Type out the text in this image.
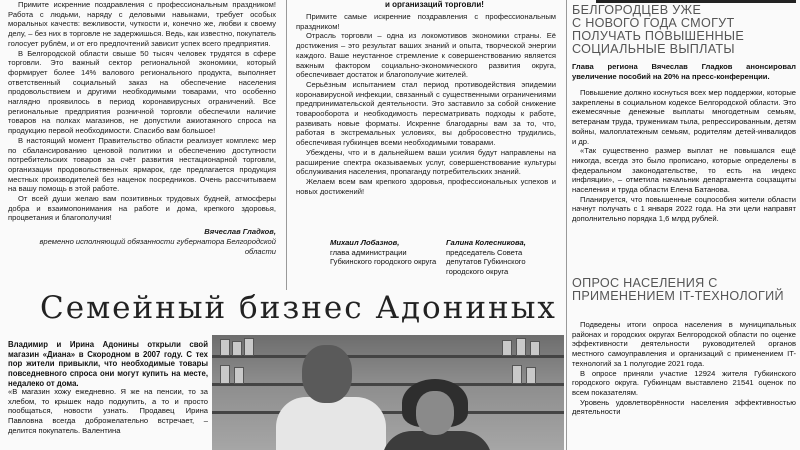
Примите искренние поздравления с профессиональным праздником! Работа с людьми, наряду с деловыми навыками, требует особых моральных качеств: вежливости, чуткости и, конечно же, любви к своему делу, – без них в торговле не задержишься. Ведь, как известно, покупатель голосует рублём, и от его предпочтений зависит успех всего предприятия.

В Белгородской области свыше 50 тысяч человек трудятся в сфере торговли. Это важный сектор региональной экономики, который формирует более 14% валового регионального продукта, выполняет ответственный социальный заказ на обеспечение населения продовольствием и другими необходимыми товарами, что особенно наглядно проявилось в период коронавирусных ограничений. Все региональные предприятия розничной торговли обеспечили наличие товаров на полках магазинов, не допустили ажиотажного спроса на продукцию первой необходимости. Спасибо вам большое!

В настоящий момент Правительство области реализует комплекс мер по сбалансированию ценовой политики и обеспечению доступности потребительских товаров за счёт развития нестационарной торговли, организации продовольственных ярмарок, где предлагается продукция местных производителей без наценок посредников. Очень рассчитываем на вашу помощь в этой работе.

От всей души желаю вам позитивных трудовых будней, атмосферы добра и взаимопонимания на работе и дома, крепкого здоровья, процветания и благополучия!

Вячеслав Гладков,

временно исполняющий обязанности губернатора Белгородской области

и организаций торговли!

Примите самые искренние поздравления с профессиональным праздником!

Отрасль торговли – одна из локомотивов экономики страны. Её достижения – это результат ваших знаний и опыта, творческой энергии каждого. Ваше неустанное стремление к совершенствованию является важным фактором социально-экономического развития округа, обеспечивает достаток и благополучие жителей.

Серьёзным испытанием стал период противодействия эпидемии коронавирусной инфекции, связанный с существенными ограничениями предпринимательской деятельности. Это заставило за собой снижение товарооборота и необходимость пересматривать подходы к работе, развивать новые форматы. Искренне благодарны вам за то, что, работая в экстремальных условиях, вы добросовестно трудились, обеспечивая губкинцев всеми необходимыми товарами.

Убеждены, что и в дальнейшем ваши усилия будут направлены на расширение спектра оказываемых услуг, совершенствование культуры обслуживания населения, пропаганду потребительских знаний.

Желаем всем вам крепкого здоровья, профессиональных успехов и новых достижений!

Михаил Лобазнов,
глава администрации Губкинского городского округа
Галина Колесникова,
председатель Совета депутатов Губкинского городского округа
Семейный бизнес Адониных
Владимир и Ирина Адонины открыли свой магазин «Диана» в Скородном в 2007 году. С тех пор жители привыкли, что необходимые товары повседневного спроса они могут купить на месте, недалеко от дома.
«В магазин хожу ежедневно. Я же на пенсии, то за хлебом, то крышек надо подкупить, а то и просто пообщаться, новости узнать. Продавец Ирина Павловна всегда доброжелательно встречает, – делится покупатель. Валентина
БЕЛГОРОДЦЕВ УЖЕ
С НОВОГО ГОДА СМОГУТ ПОЛУЧАТЬ ПОВЫШЕННЫЕ СОЦИАЛЬНЫЕ ВЫПЛАТЫ
Глава региона Вячеслав Гладков анонсировал увеличение пособий на 20% на пресс-конференции.

Повышение должно коснуться всех мер поддержки, которые закреплены в социальном кодексе Белгородской области. Это ежемесячные денежные выплаты многодетным семьям, ветеранам труда, труженикам тыла, репрессированным, детям войны, малоплатежным семьям, родителям детей-инвалидов и др.

«Так существенно размер выплат не повышался ещё никогда, всегда это было прописано, которые определены в федеральном законодательстве, то есть на индекс инфляции», – отметила начальник департамента соцзащиты населения и труда области Елена Батанова.

Планируется, что повышенные соцпособия жители области начнут получать с 1 января 2022 года. На эти цели направят дополнительно порядка 1,6 млрд рублей.

ОПРОС НАСЕЛЕНИЯ С ПРИМЕНЕНИЕМ IT-ТЕХНОЛОГИЙ

Подведены итоги опроса населения в муниципальных районах и городских округах Белгородской области по оценке эффективности деятельности руководителей органов местного самоуправления и организаций с применением IT-технологий за 1 полугодие 2021 года.

В опросе приняли участие 12924 жителя Губкинского городского округа. Губкинцам выставлено 21541 оценок по всем показателям.

Уровень удовлетворённости населения эффективностью деятельности
